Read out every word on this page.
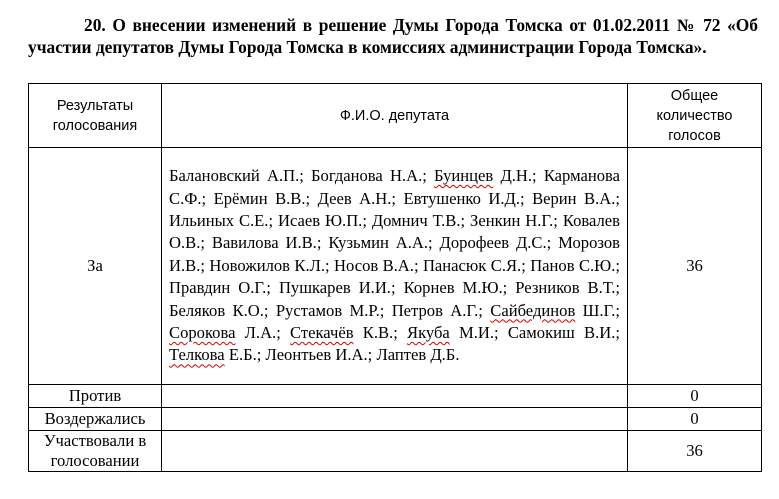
20. О внесении изменений в решение Думы Города Томска от 01.02.2011 № 72 «Об участии депутатов Думы Города Томска в комиссиях администрации Города Томска».

Результаты голосования	Ф.И.О. депутата	Общее количество голосов
За	Балановский А.П.; Богданова Н.А.; Буинцев Д.Н.; Карманова С.Ф.; Ерёмин В.В.; Деев А.Н.; Евтушенко И.Д.; Верин В.А.; Ильиных С.Е.; Исаев Ю.П.; Домнич Т.В.; Зенкин Н.Г.; Ковалев О.В.; Вавилова И.В.; Кузьмин А.А.; Дорофеев Д.С.; Морозов И.В.; Новожилов К.Л.; Носов В.А.; Панасюк С.Я.; Панов С.Ю.; Правдин О.Г.; Пушкарев И.И.; Корнев М.Ю.; Резников В.Т.; Беляков К.О.; Рустамов М.Р.; Петров А.Г.; Сайбединов Ш.Г.; Сорокова Л.А.; Стекачёв К.В.; Якуба М.И.; Самокиш В.И.; Телкова Е.Б.; Леонтьев И.А.; Лаптев Д.Б.	36
Против		0
Воздержались		0
Участвовали в голосовании		36
